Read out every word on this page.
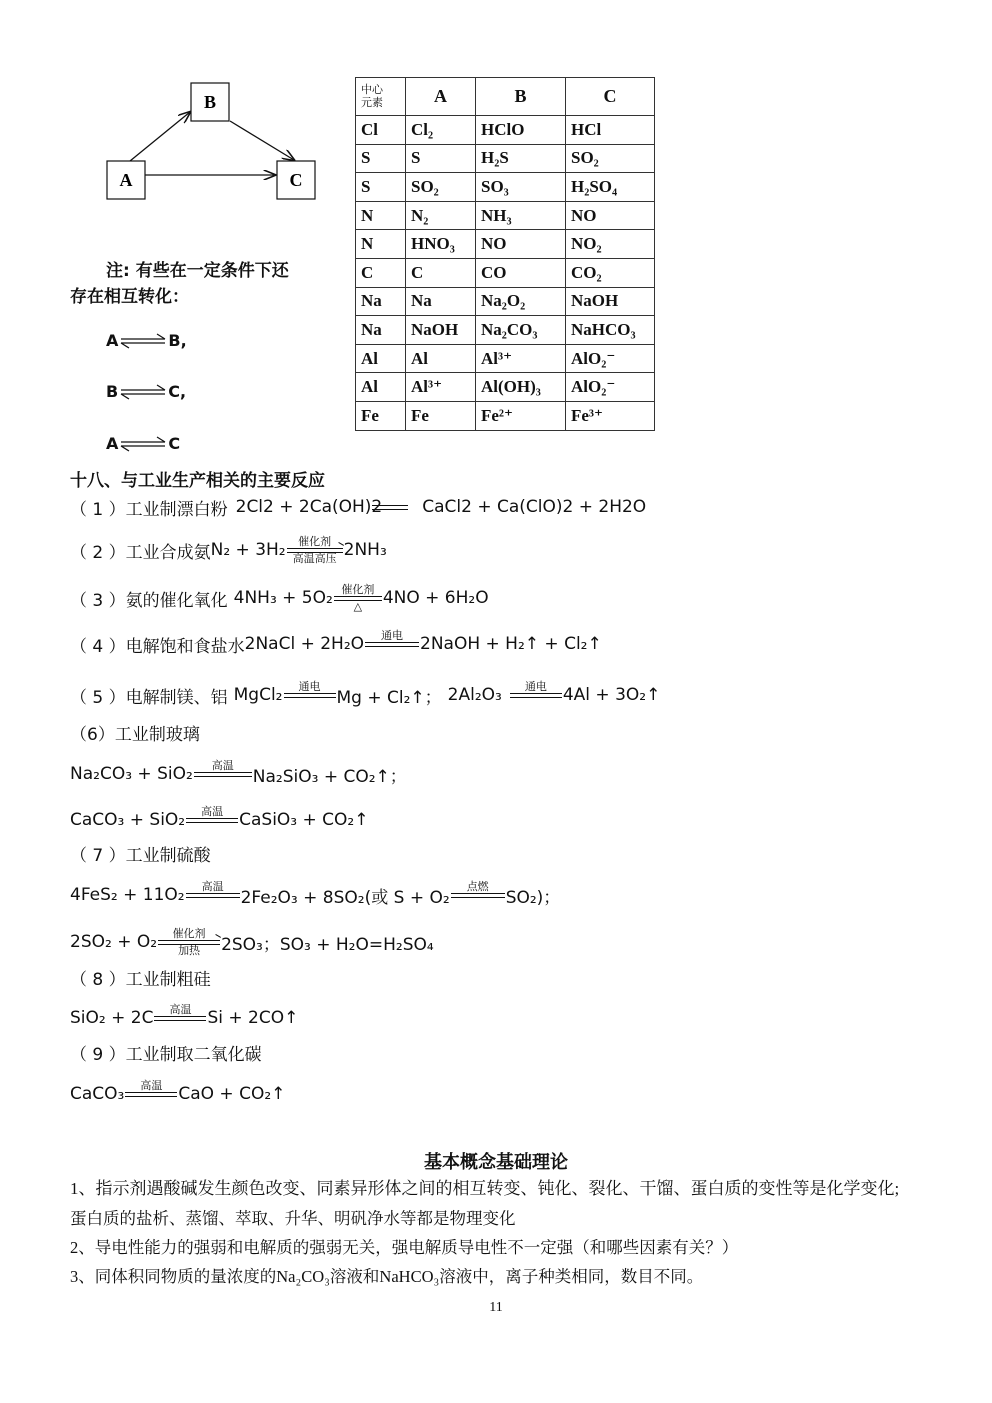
B
A	C
注: 有些在一定条件下还
存在相互转化：
A ⇌ B,
B ⇌ C,
A ⇌ C
中心元素	A	B	C
Cl	Cl₂	HClO	HCl
S	S	H₂S	SO₂
S	SO₂	SO₃	H₂SO₄
N	N₂	NH₃	NO
N	HNO₃	NO	NO₂
C	C	CO	CO₂
Na	Na	Na₂O₂	NaOH
Na	NaOH	Na₂CO₃	NaHCO₃
Al	Al	Al³⁺	AlO₂⁻
Al	Al³⁺	Al(OH)₃	AlO₂⁻
Fe	Fe	Fe²⁺	Fe³⁺
十八、与工业生产相关的主要反应
（ 1 ）工业制漂白粉 2Cl2 + 2Ca(OH)2 CaCl2 + Ca(ClO)2 + 2H2O
（ 2 ）工业合成氨 N₂ + 3H₂ 催化剂
高温高压 2NH₃
（ 3 ）氨的催化氧化 4NH₃ + 5O₂ 催化剂
△ 4NO + 6H₂O
（ 4 ）电解饱和食盐水 2NaCl + 2H₂O 通电 2NaOH + H₂↑ + Cl₂↑
（ 5 ）电解制镁、铝 MgCl₂ 通电
Mg + Cl₂↑； 2Al₂O₃ 通电 4Al + 3O₂↑
（6）工业制玻璃
Na₂CO₃ + SiO₂ 高温
Na₂SiO₃ + CO₂↑；
CaCO₃ + SiO₂ 高温 CaSiO₃ + CO₂↑
（ 7 ）工业制硫酸
4FeS₂ + 11O₂ 高温
2Fe₂O₃ + 8SO₂(或 S + O₂
点燃
SO₂)；
2SO₂ + O₂ 催化剂
加热 2SO₃；SO₃ + H₂O=H₂SO₄
（ 8 ）工业制粗硅
SiO₂ + 2C 高温 Si + 2CO↑
（ 9 ）工业制取二氧化碳
CaCO₃ 高温 CaO + CO₂↑
基本概念基础理论
1、指示剂遇酸碱发生颜色改变、同素异形体之间的相互转变、钝化、裂化、干馏、蛋白质的变性等是化学变化;
蛋白质的盐析、蒸馏、萃取、升华、明矾净水等都是物理变化
2、导电性能力的强弱和电解质的强弱无关，强电解质导电性不一定强（和哪些因素有关？）
3、同体积同物质的量浓度的Na₂CO₃溶液和NaHCO₃溶液中，离子种类相同，数目不同。
11
